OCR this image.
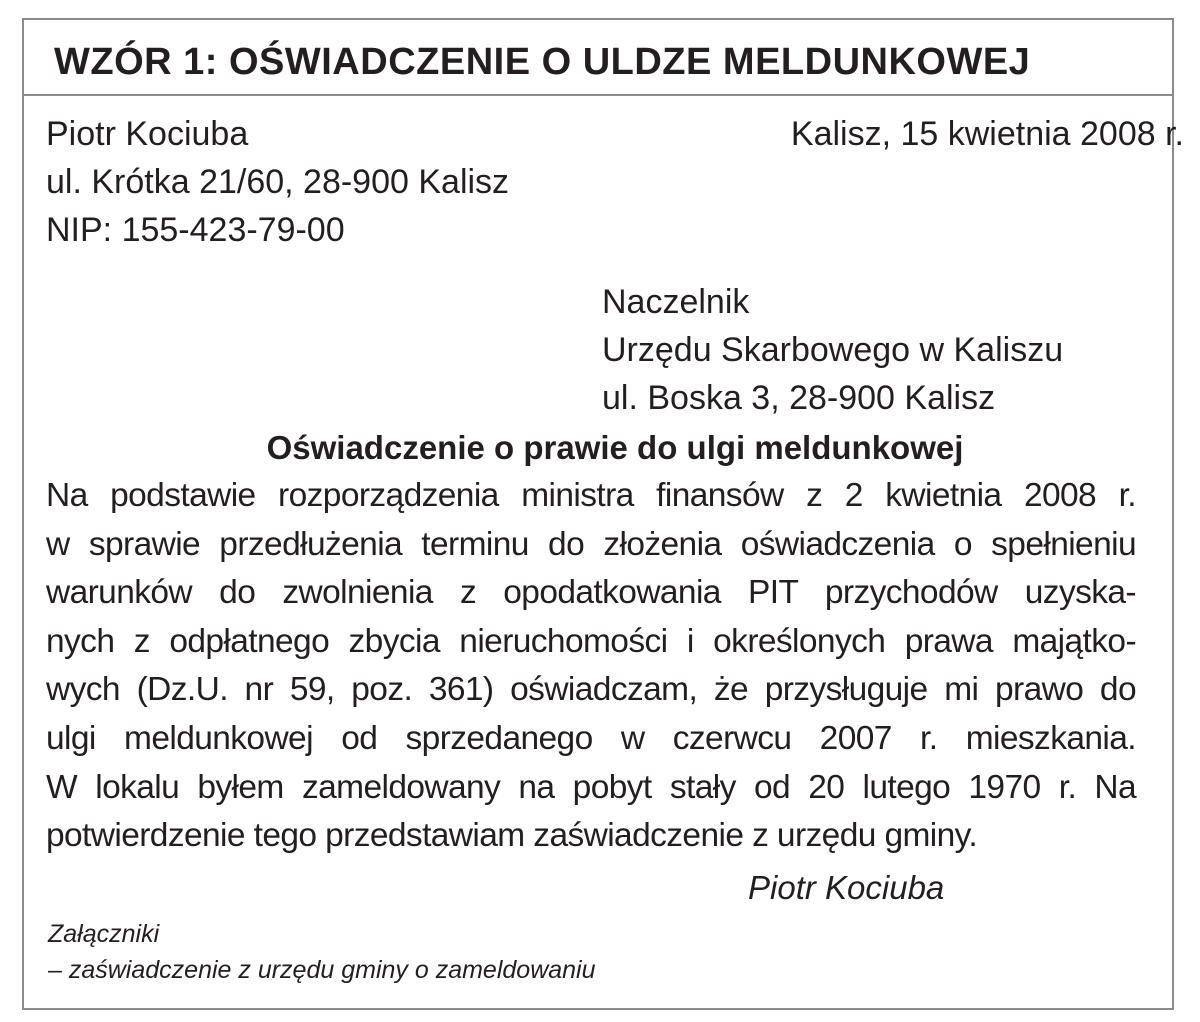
WZÓR 1: OŚWIADCZENIE O ULDZE MELDUNKOWEJ
Piotr Kociuba
ul. Krótka 21/60, 28-900 Kalisz
NIP: 155-423-79-00
Kalisz, 15 kwietnia 2008 r.
Naczelnik
Urzędu Skarbowego w Kaliszu
ul. Boska 3, 28-900 Kalisz
Oświadczenie o prawie do ulgi meldunkowej
Na podstawie rozporządzenia ministra finansów z 2 kwietnia 2008 r.
w sprawie przedłużenia terminu do złożenia oświadczenia o spełnieniu
warunków do zwolnienia z opodatkowania PIT przychodów uzyska-
nych z odpłatnego zbycia nieruchomości i określonych prawa majątko-
wych (Dz.U. nr 59, poz. 361) oświadczam, że przysługuje mi prawo do
ulgi meldunkowej od sprzedanego w czerwcu 2007 r. mieszkania.
W lokalu byłem zameldowany na pobyt stały od 20 lutego 1970 r. Na
potwierdzenie tego przedstawiam zaświadczenie z urzędu gminy.
Piotr Kociuba
Załączniki
– zaświadczenie z urzędu gminy o zameldowaniu
